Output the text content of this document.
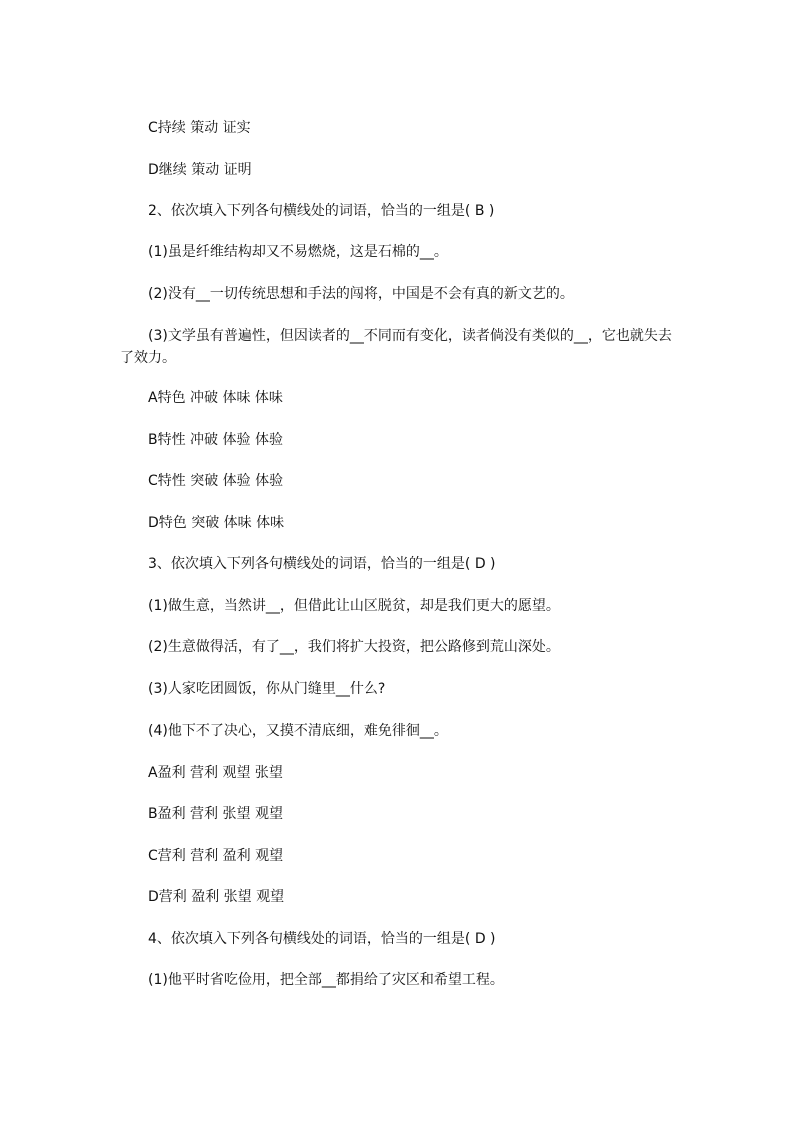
C持续 策动 证实
D继续 策动 证明
2、依次填入下列各句横线处的词语，恰当的一组是( B )
(1)虽是纤维结构却又不易燃烧，这是石棉的__。
(2)没有__一切传统思想和手法的闯将，中国是不会有真的新文艺的。
(3)文学虽有普遍性，但因读者的__不同而有变化，读者倘没有类似的__，它也就失去了效力。
A特色 冲破 体味 体味
B特性 冲破 体验 体验
C特性 突破 体验 体验
D特色 突破 体味 体味
3、依次填入下列各句横线处的词语，恰当的一组是( D )
(1)做生意，当然讲__，但借此让山区脱贫，却是我们更大的愿望。
(2)生意做得活，有了__，我们将扩大投资，把公路修到荒山深处。
(3)人家吃团圆饭，你从门缝里__什么?
(4)他下不了决心，又摸不清底细，难免徘徊__。
A盈利 营利 观望 张望
B盈利 营利 张望 观望
C营利 营利 盈利 观望
D营利 盈利 张望 观望
4、依次填入下列各句横线处的词语，恰当的一组是( D )
(1)他平时省吃俭用，把全部__都捐给了灾区和希望工程。
